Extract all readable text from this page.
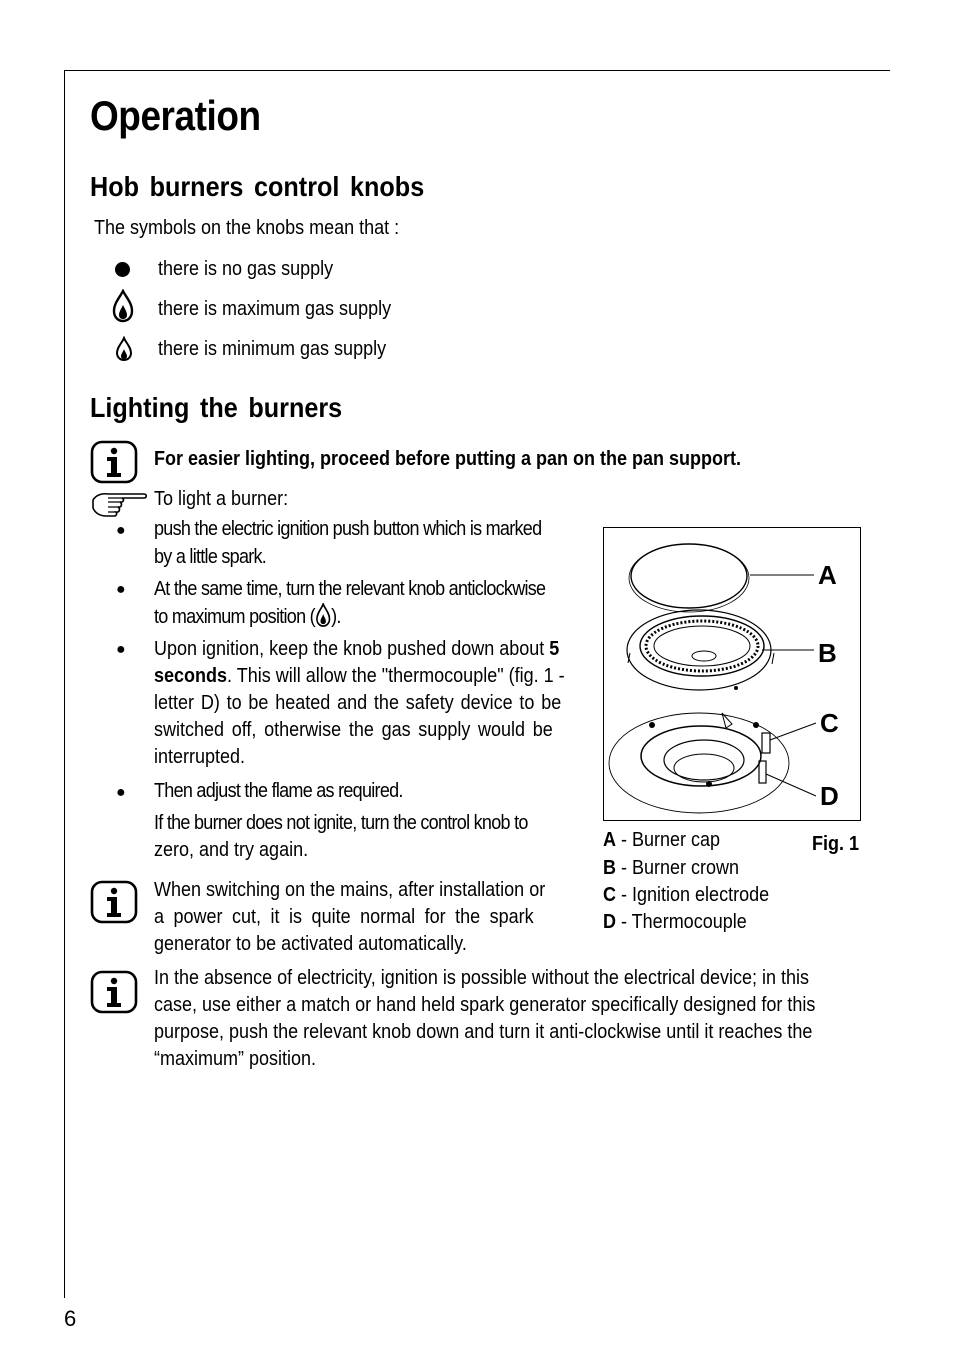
Operation
Hob burners control knobs
The symbols on the knobs mean that :
there is no gas supply
there is maximum gas supply
there is minimum gas supply
Lighting the burners
For easier lighting, proceed before putting a pan on the pan support.
To light a burner:
● push the electric ignition push button which is marked by a little spark.
● At the same time, turn the relevant knob anticlockwise
to maximum position ( ).
● Upon ignition, keep the knob pushed down about 5
seconds. This will allow the "thermocouple" (fig. 1 -
letter D) to be heated and the safety device to be
switched off, otherwise the gas supply would be
interrupted.
● Then adjust the flame as required.
If the burner does not ignite, turn the control knob to
zero, and try again.
When switching on the mains, after installation or
a power cut, it is quite normal for the spark
generator to be activated automatically.
In the absence of electricity, ignition is possible without the electrical device; in this
case, use either a match or hand held spark generator specifically designed for this
purpose, push the relevant knob down and turn it anti-clockwise until it reaches the
“maximum” position.
A
B
C
D
A - Burner cap
B - Burner crown
C - Ignition electrode
D - Thermocouple
Fig. 1
6
